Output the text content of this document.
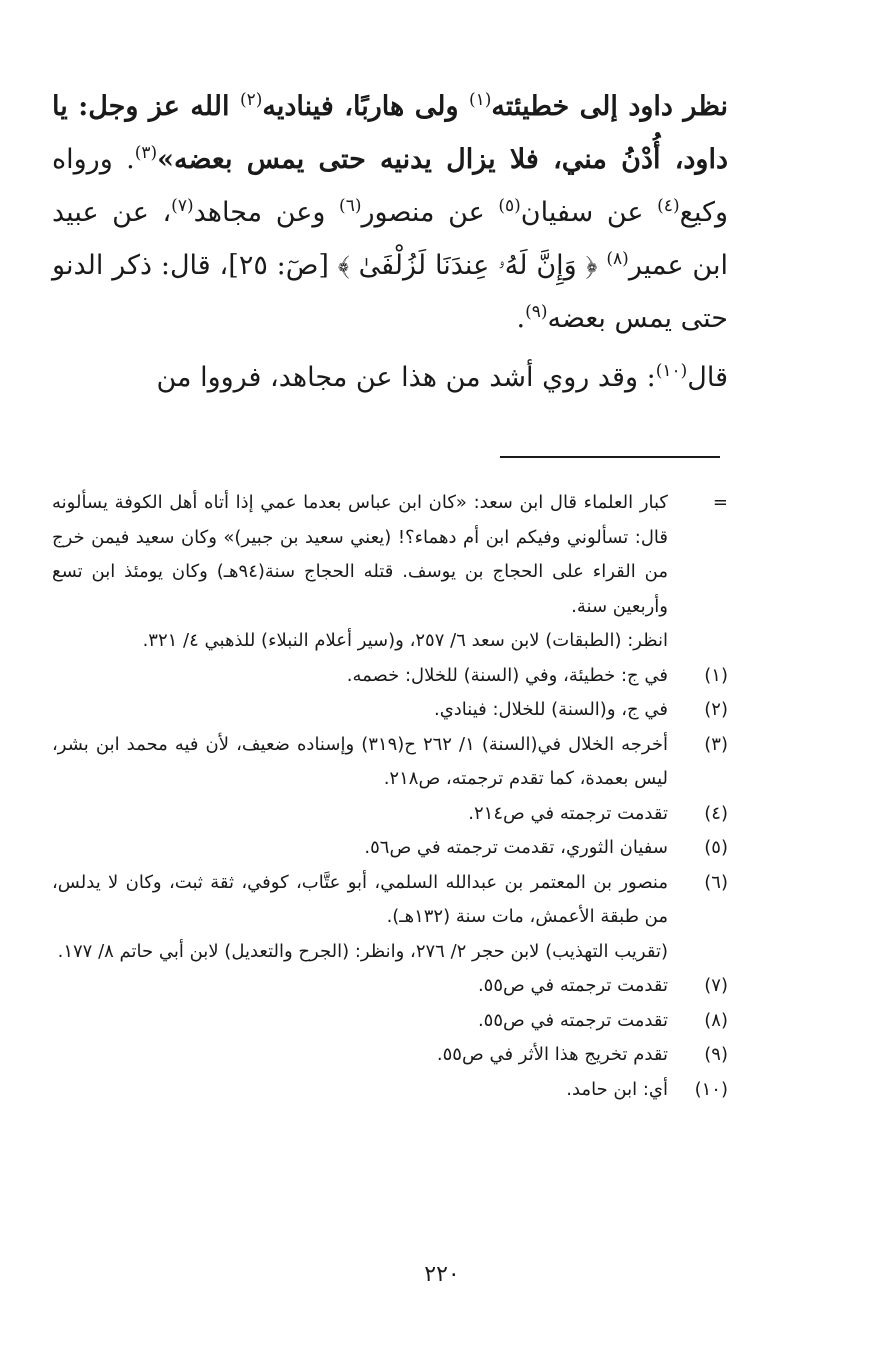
نظر داود إلى خطيئته$^{(١)}$ ولى هاربًا، فيناديه$^{(٢)}$ الله عز وجل: يا داود، أُدْنُ مني، فلا يزال يدنيه حتى يمس بعضه»$^{(٣)}$. ورواه وكيع$^{(٤)}$ عن سفيان$^{(٥)}$ عن منصور$^{(٦)}$ وعن مجاهد$^{(٧)}$، عن عبيد ابن عمير$^{(٨)}$ ﴿ وَإِنَّ لَهُۥ عِندَنَا لَزُلْفَىٰ ﴾ [صٓ: ٢٥]، قال: ذكر الدنو حتى يمس بعضه$^{(٩)}$.

قال$^{(١٠)}$: وقد روي أشد من هذا عن مجاهد، فرووا من

=
كبار العلماء قال ابن سعد: «كان ابن عباس بعدما عمي إذا أتاه أهل الكوفة يسألونه قال: تسألوني وفيكم ابن أم دهماء؟! (يعني سعيد بن جبير)» وكان سعيد فيمن خرج من القراء على الحجاج بن يوسف. قتله الحجاج سنة(٩٤هـ) وكان يومئذ ابن تسع وأربعين سنة.
انظر: (الطبقات) لابن سعد ٦/ ٢٥٧، و(سير أعلام النبلاء) للذهبي ٤/ ٣٢١.
(١)
في ج: خطيئة، وفي (السنة) للخلال: خصمه.
(٢)
في ج، و(السنة) للخلال: فينادي.
(٣)
أخرجه الخلال في(السنة) ١/ ٢٦٢ ح(٣١٩) وإسناده ضعيف، لأن فيه محمد ابن بشر، ليس بعمدة، كما تقدم ترجمته، ص٢١٨.
(٤)
تقدمت ترجمته في ص٢١٤.
(٥)
سفيان الثوري، تقدمت ترجمته في ص٥٦.
(٦)
منصور بن المعتمر بن عبدالله السلمي، أبو عتَّاب، كوفي، ثقة ثبت، وكان لا يدلس، من طبقة الأعمش، مات سنة (١٣٢هـ).
(تقريب التهذيب) لابن حجر ٢/ ٢٧٦، وانظر: (الجرح والتعديل) لابن أبي حاتم ٨/ ١٧٧.
(٧)
تقدمت ترجمته في ص٥٥.
(٨)
تقدمت ترجمته في ص٥٥.
(٩)
تقدم تخريج هذا الأثر في ص٥٥.
(١٠)
أي: ابن حامد.
٢٢٠
